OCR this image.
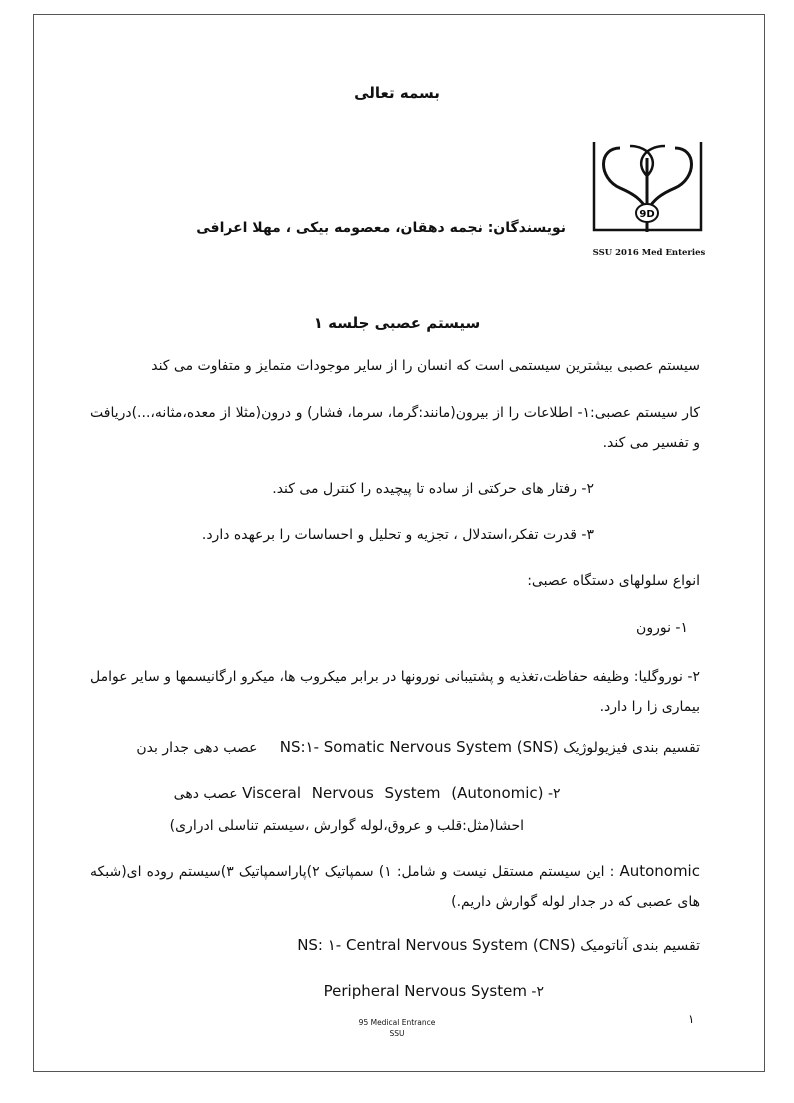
بسمه تعالی
9D
SSU 2016 Med Enteries
نویسندگان: نجمه دهقان، معصومه بیکی ، مهلا اعرافی
سیستم عصبی جلسه ۱
سیستم عصبی بیشترین سیستمی است که انسان را از سایر موجودات متمایز و متفاوت می کند
کار سیستم عصبی:۱- اطلاعات را از بیرون(مانند:گرما، سرما، فشار) و درون(مثلا از معده،مثانه،...)دریافت و تفسیر می کند.
۲- رفتار های حرکتی از ساده تا پیچیده را کنترل می کند.
۳- قدرت تفکر،استدلال ، تجزیه و تحلیل و احساسات را برعهده دارد.
انواع سلولهای دستگاه عصبی:
۱- نورون
۲- نوروگلیا: وظیفه حفاظت،تغذیه و پشتیبانی نورونها در برابر میکروب ها، میکرو ارگانیسمها و سایر عوامل بیماری زا را دارد.
تقسیم بندی فیزیولوژیک NS:۱- Somatic Nervous System (SNS)     عصب دهی جدار بدن
۲- Visceral Nervous System (Autonomic) عصب دهی
احشا(مثل:قلب و عروق،لوله گوارش ،سیستم تناسلی ادراری)
Autonomic : این سیستم مستقل نیست و شامل: ۱) سمپاتیک ۲)پاراسمپاتیک ۳)سیستم روده ای(شبکه های عصبی که در جدار لوله گوارش داریم.)
تقسیم بندی آناتومیک NS: ۱- Central Nervous System (CNS)
۲- Peripheral Nervous System
95 Medical Entrance
SSU
۱
